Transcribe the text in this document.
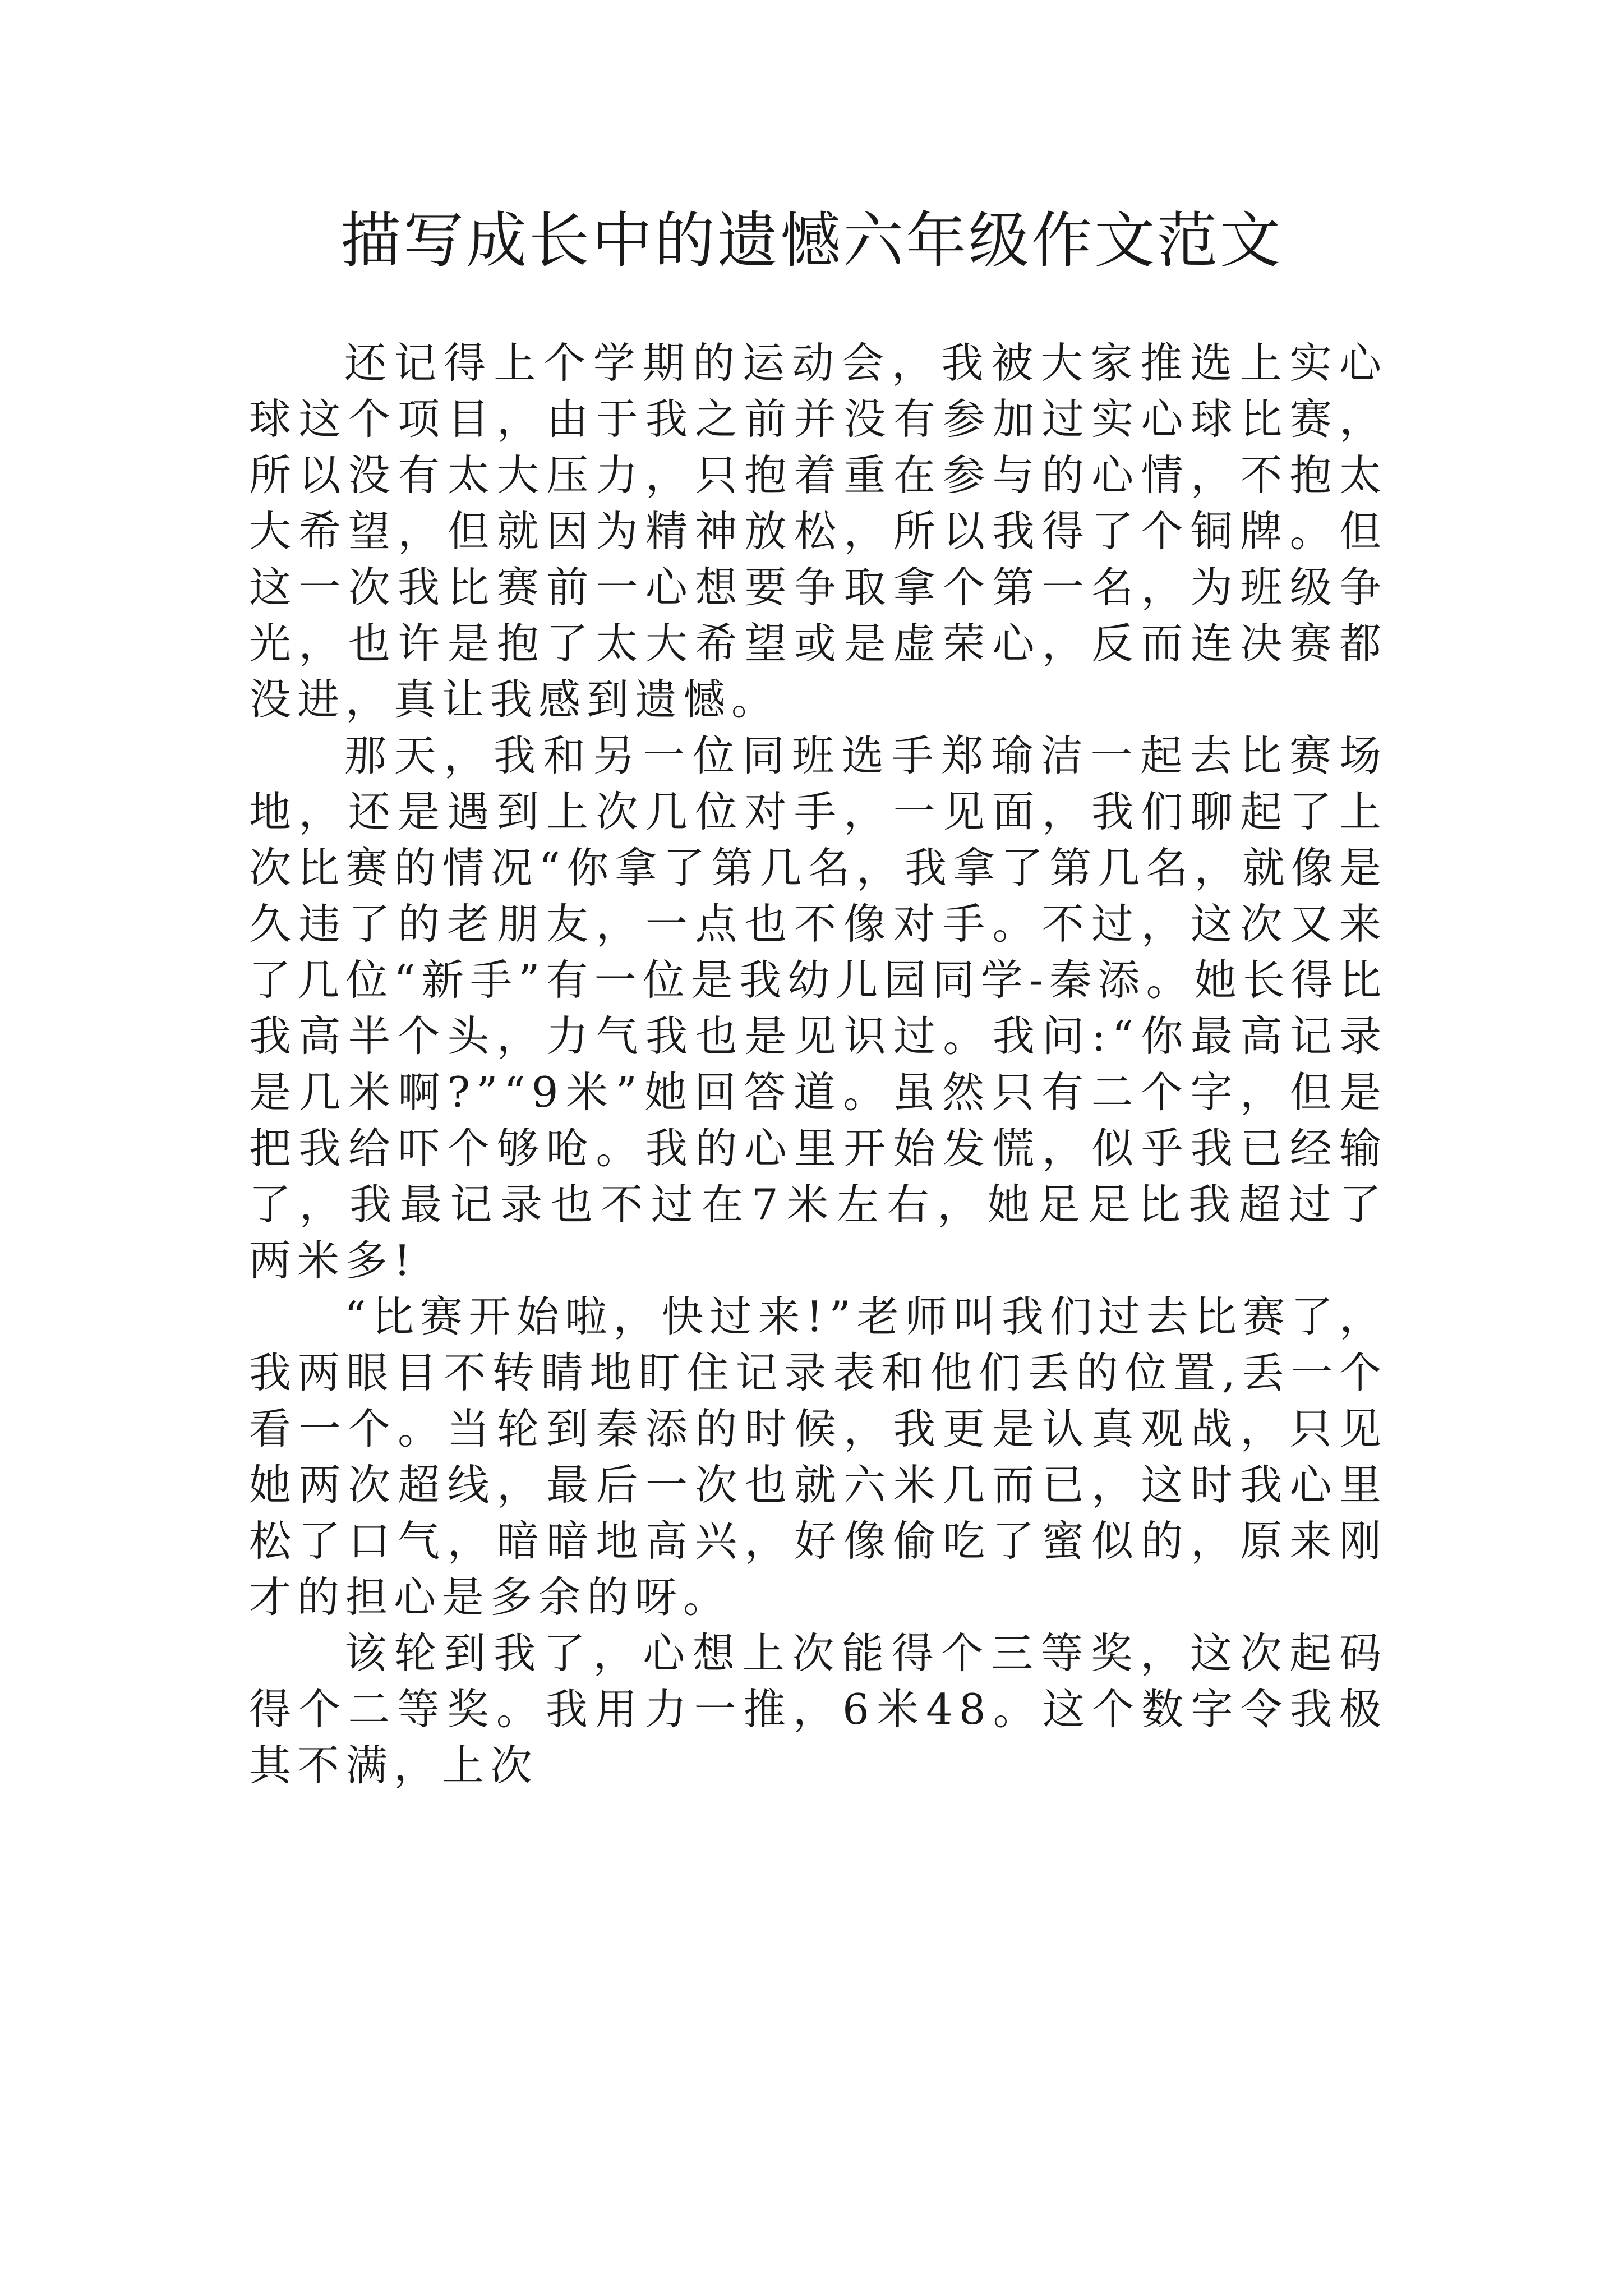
描写成长中的遗憾六年级作文范文

还记得上个学期的运动会，我被大家推选上实心球这个项目，由于我之前并没有参加过实心球比赛，所以没有太大压力，只抱着重在参与的心情，不抱太大希望，但就因为精神放松，所以我得了个铜牌。但这一次我比赛前一心想要争取拿个第一名，为班级争光，也许是抱了太大希望或是虚荣心，反而连决赛都没进，真让我感到遗憾。

那天，我和另一位同班选手郑瑜洁一起去比赛场地，还是遇到上次几位对手，一见面，我们聊起了上次比赛的情况“你拿了第几名，我拿了第几名，就像是久违了的老朋友，一点也不像对手。不过，这次又来了几位“新手”有一位是我幼儿园同学-秦添。她长得比我高半个头，力气我也是见识过。我问:“你最高记录是几米啊?”“9米”她回答道。虽然只有二个字，但是把我给吓个够呛。我的心里开始发慌，似乎我已经输了，我最记录也不过在7米左右，她足足比我超过了两米多!

“比赛开始啦，快过来!”老师叫我们过去比赛了，我两眼目不转睛地盯住记录表和他们丢的位置,丢一个看一个。当轮到秦添的时候，我更是认真观战，只见她两次超线，最后一次也就六米几而已，这时我心里松了口气，暗暗地高兴，好像偷吃了蜜似的，原来刚才的担心是多余的呀。

该轮到我了，心想上次能得个三等奖，这次起码得个二等奖。我用力一推，6米48。这个数字令我极其不满，上次
